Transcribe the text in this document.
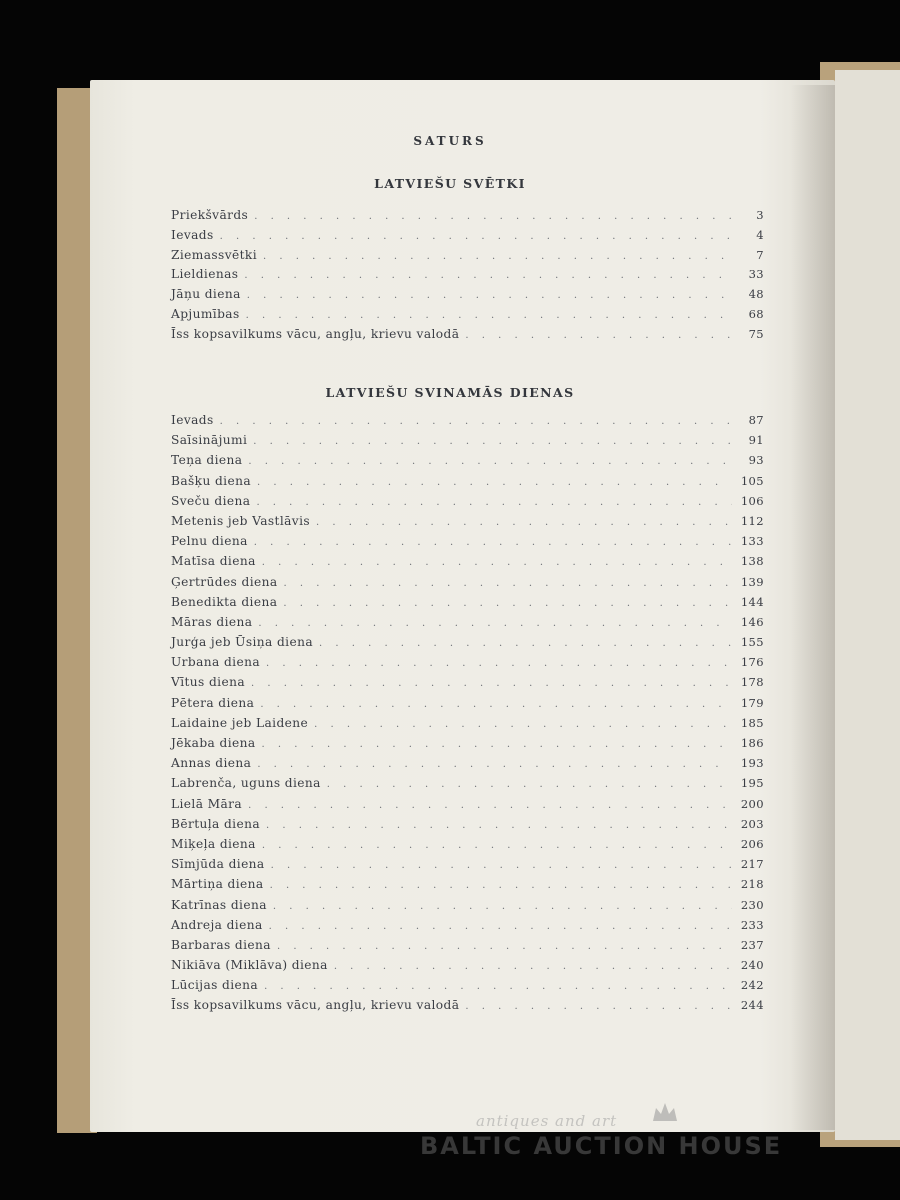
SATURS
LATVIEŠU SVĒTKI
Priekšvārds . . .	3
Ievads . . .	4
Ziemassvētki . . .	7
Lieldienas . . .	33
Jāņu diena . . .	48
Apjumības . . .	68
Īss kopsavilkums vācu, angļu, krievu valodā . . .	75
LATVIEŠU SVINAMĀS DIENAS
Ievads . . .	87
Saīsinājumi . . .	91
Teņa diena . . .	93
Bašķu diena . . .	105
Sveču diena . . .	106
Metenis jeb Vastlāvis . . .	112
Pelnu diena . . .	133
Matīsa diena . . .	138
Ģertrūdes diena . . .	139
Benedikta diena . . .	144
Māras diena . . .	146
Jurģa jeb Ūsiņa diena . . .	155
Urbana diena . . .	176
Vītus diena . . .	178
Pētera diena . . .	179
Laidaine jeb Laidene . . .	185
Jēkaba diena . . .	186
Annas diena . . .	193
Labrenča, uguns diena . . .	195
Lielā Māra . . .	200
Bērtuļa diena . . .	203
Miķeļa diena . . .	206
Sīmjūda diena . . .	217
Mārtiņa diena . . .	218
Katrīnas diena . . .	230
Andreja diena . . .	233
Barbaras diena . . .	237
Nikiāva (Miklāva) diena . . .	240
Lūcijas diena . . .	242
Īss kopsavilkums vācu, angļu, krievu valodā . . .	244
antiques and art
BALTIC AUCTION HOUSE
